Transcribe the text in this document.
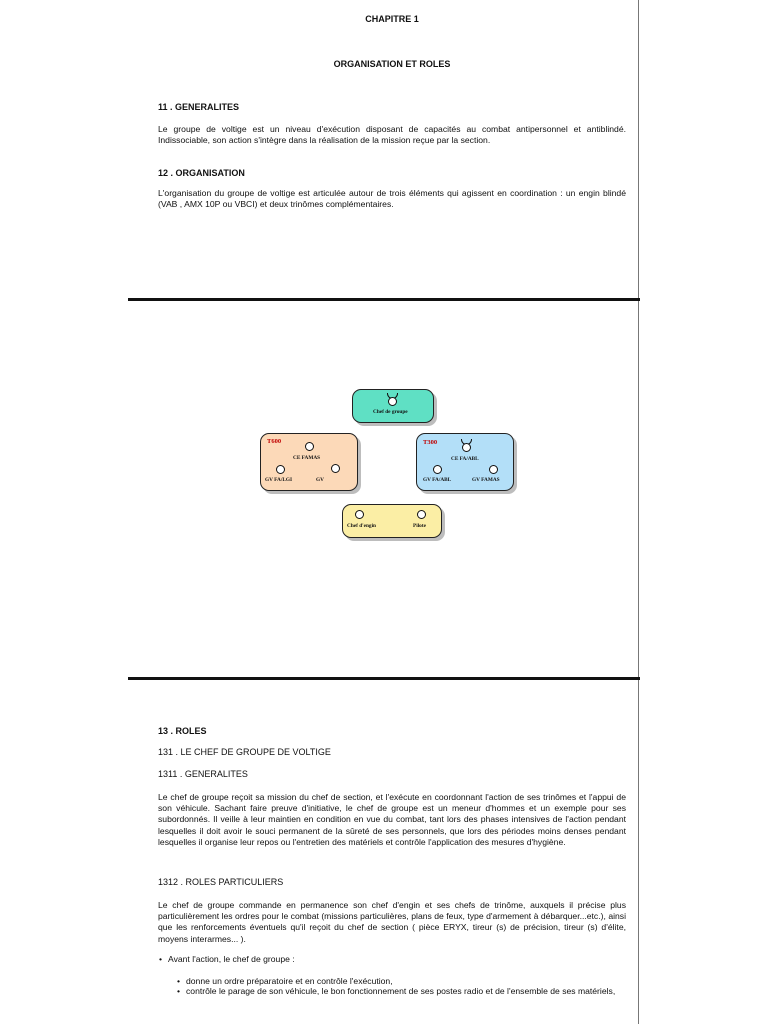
CHAPITRE 1
ORGANISATION ET ROLES
11 . GENERALITES
Le groupe de voltige est un niveau d'exécution disposant de capacités au combat antipersonnel et antiblindé. Indissociable, son action s'intègre dans la réalisation de la mission reçue par la section.
12 . ORGANISATION
L'organisation du groupe de voltige est articulée autour de trois éléments qui agissent en coordination : un engin blindé (VAB , AMX 10P ou VBCI) et deux trinômes complémentaires.
Chef de groupe
T600
CE FAMAS
GV FA/LGI	GV
T300
CE FA/ABL
GV FA/ABL	GV FAMAS
Chef d'engin	Pilote
13 . ROLES
131 . LE CHEF DE GROUPE DE VOLTIGE
1311 . GENERALITES
Le chef de groupe reçoit sa mission du chef de section, et l'exécute en coordonnant l'action de ses trinômes et l'appui de son véhicule. Sachant faire preuve d'initiative, le chef de groupe est un meneur d'hommes et un exemple pour ses subordonnés. Il veille à leur maintien en condition en vue du combat, tant lors des phases intensives de l'action pendant lesquelles il doit avoir le souci permanent de la sûreté de ses personnels, que lors des périodes moins denses pendant lesquelles il organise leur repos ou l'entretien des matériels et contrôle l'application des mesures d'hygiène.
1312 . ROLES PARTICULIERS
Le chef de groupe commande en permanence son chef d'engin et ses chefs de trinôme, auxquels il précise plus particulièrement les ordres pour le combat (missions particulières, plans de feux, type d'armement à débarquer...etc.), ainsi que les renforcements éventuels qu'il reçoit du chef de section ( pièce ERYX, tireur (s) de précision, tireur (s) d'élite, moyens interarmes... ).
• Avant l'action, le chef de groupe :
• donne un ordre préparatoire et en contrôle l'exécution,
• contrôle le parage de son véhicule, le bon fonctionnement de ses postes radio et de l'ensemble de ses matériels,
